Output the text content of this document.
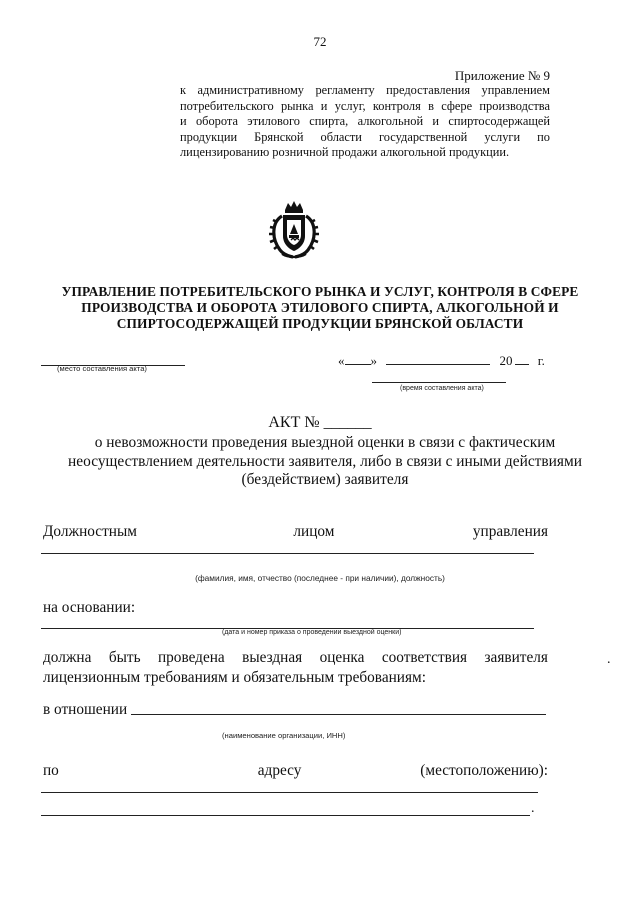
72
Приложение № 9
к административному регламенту предоставления управлением
потребительского рынка и услуг, контроля в сфере производства
и оборота этилового спирта, алкогольной и спиртосодержащей
продукции Брянской области государственной услуги по
лицензированию розничной продажи алкогольной продукции.
УПРАВЛЕНИЕ ПОТРЕБИТЕЛЬСКОГО РЫНКА И УСЛУГ, КОНТРОЛЯ В СФЕРЕ
ПРОИЗВОДСТВА И ОБОРОТА ЭТИЛОВОГО СПИРТА, АЛКОГОЛЬНОЙ И
СПИРТОСОДЕРЖАЩЕЙ ПРОДУКЦИИ БРЯНСКОЙ ОБЛАСТИ
(место составления акта)
« »	20 г.
(время составления акта)
АКТ № ______
о невозможности проведения выездной оценки в связи с фактическим
неосуществлением деятельности заявителя, либо в связи с иными действиями
(бездействием) заявителя
Должностным	лицом	управления
(фамилия, имя, отчество (последнее - при наличии), должность)
на основании:
(дата и номер приказа о проведении выездной оценки)
должна быть проведена выездная оценка соответствия заявителя
лицензионным требованиям и обязательным требованиям:
.
в отношении
(наименование организации, ИНН)
по	адресу	(местоположению):
.
